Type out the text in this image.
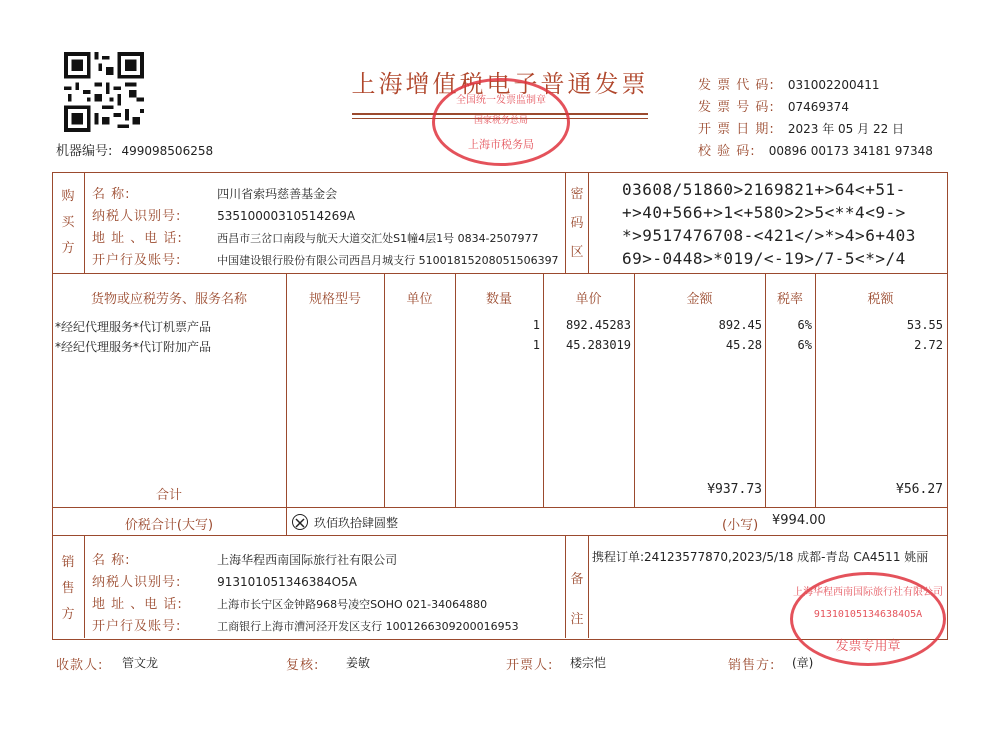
机器编号: 499098506258
上海增值税电子普通发票
全国统一发票监制章
国家税务总局
上海市税务局
发 票 代 码: 031002200411
发 票 号 码: 07469374
开 票 日 期: 2023 年 05 月 22 日
校 验 码: 00896 00173 34181 97348
购买方
名 称:	四川省索玛慈善基金会
纳税人识别号:	53510000310514269A
地 址 、电 话:	西昌市三岔口南段与航天大道交汇处S1幢4层1号 0834-2507977
开户行及账号:	中国建设银行股份有限公司西昌月城支行 51001815208051506397
密码区
03608/51860>2169821+>64<+51-
+>40+566+>1<+580>2>5<**4<9->
*>9517476708-<421</>*>4>6+403
69>-0448>*019/<-19>/7-5<*>/4
货物或应税劳务、服务名称	规格型号	单位	数量	单价	金额	税率	税额
*经纪代理服务*代订机票产品	1	892.45283	892.45	6%	53.55
*经纪代理服务*代订附加产品	1	45.283019	45.28	6%	2.72
合计	¥937.73	¥56.27
价税合计(大写)	玖佰玖拾肆圆整	(小写) ¥994.00
销售方
名 称:	上海华程西南国际旅行社有限公司
纳税人识别号:	913101051346384O5A
地 址 、电 话:	上海市长宁区金钟路968号凌空SOHO 021-34064880
开户行及账号:	工商银行上海市漕河泾开发区支行 1001266309200016953
备注
携程订单:24123577870,2023/5/18 成都-青岛 CA4511 姚丽
上海华程西南国际旅行社有限公司
913101051346384O5A
发票专用章
收款人: 管文龙	复核: 姜敏	开票人: 楼宗恺	销售方: (章)
